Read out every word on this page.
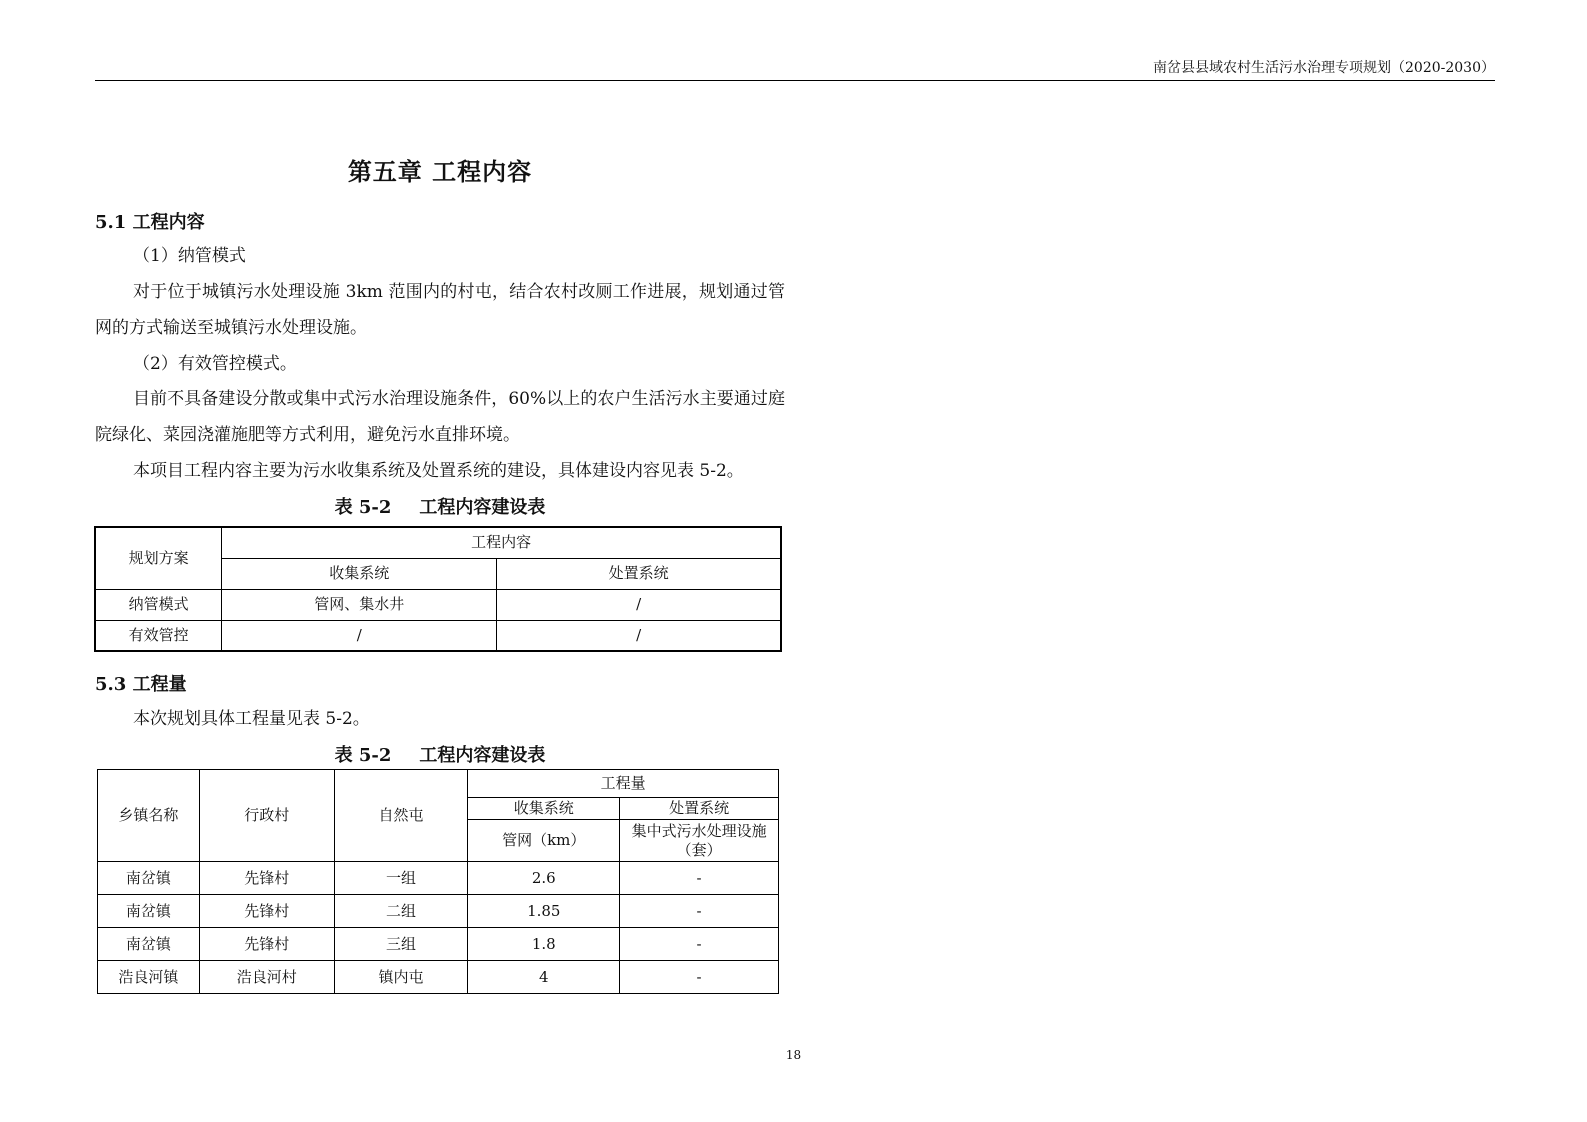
南岔县县域农村生活污水治理专项规划（2020-2030）
第五章 工程内容
5.1 工程内容

（1）纳管模式

对于位于城镇污水处理设施 3km 范围内的村屯，结合农村改厕工作进展，规划通过管网的方式输送至城镇污水处理设施。

（2）有效管控模式。

目前不具备建设分散或集中式污水治理设施条件，60%以上的农户生活污水主要通过庭院绿化、菜园浇灌施肥等方式利用，避免污水直排环境。

本项目工程内容主要为污水收集系统及处置系统的建设，具体建设内容见表 5-2。

表 5-2 工程内容建设表
规划方案	工程内容	
	收集系统	处置系统
纳管模式	管网、集水井	/
有效管控	/	/
5.3 工程量

本次规划具体工程量见表 5-2。

表 5-2 工程内容建设表
乡镇名称	行政村	自然屯	工程量	
			收集系统	处置系统
			管网（km）	集中式污水处理设施
（套）
南岔镇	先锋村	一组	2.6	-
南岔镇	先锋村	二组	1.85	-
南岔镇	先锋村	三组	1.8	-
浩良河镇	浩良河村	镇内屯	4	-
18
